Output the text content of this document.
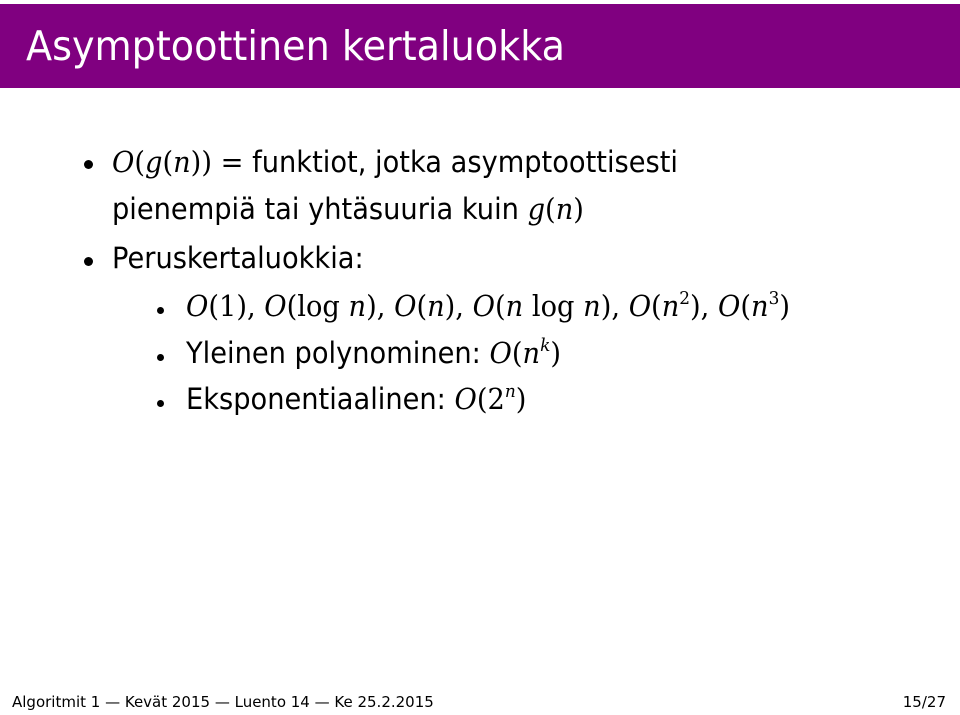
Asymptoottinen kertaluokka
O(g(n)) = funktiot, jotka asymptoottisesti
pienempiä tai yhtäsuuria kuin g(n)
Peruskertaluokkia:
O(1), O(log n), O(n), O(n log n), $O(n^2)$, $O(n^3)$
Yleinen polynominen: $O(n^k)$
Eksponentiaalinen: O(2$^n$)
Algoritmit 1 — Kevät 2015 — Luento 14 — Ke 25.2.2015	15/27
